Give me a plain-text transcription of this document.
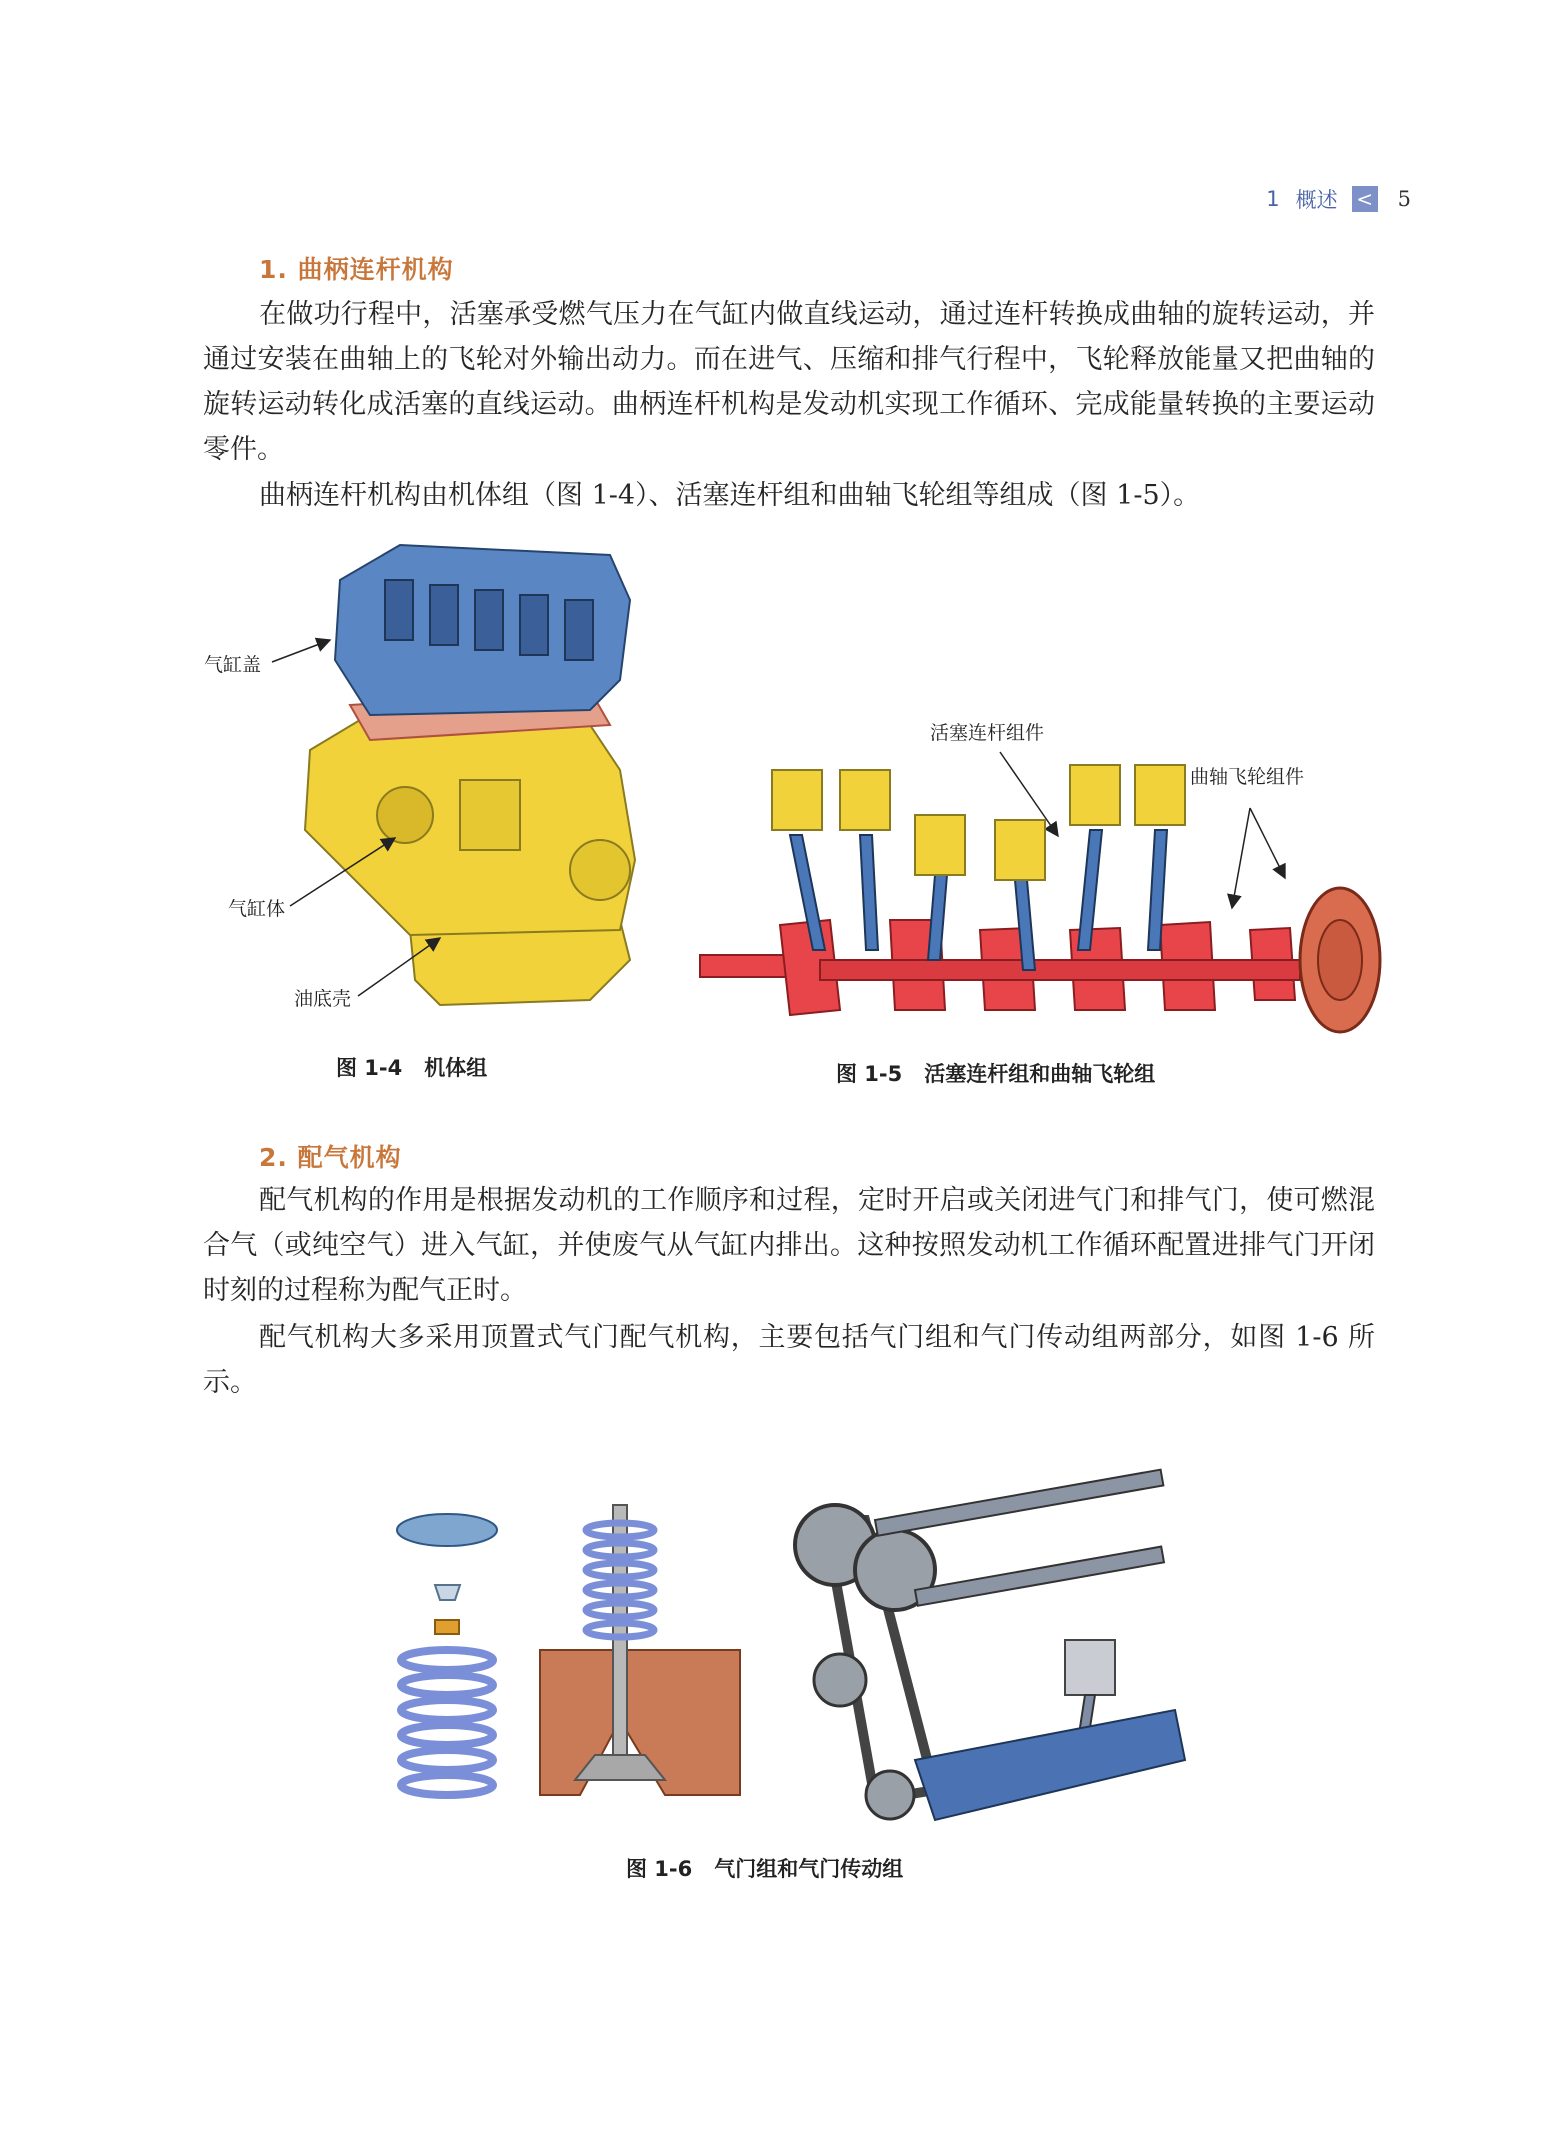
1 概述 < 5
1. 曲柄连杆机构
在做功行程中，活塞承受燃气压力在气缸内做直线运动，通过连杆转换成曲轴的旋转运动，并通过安装在曲轴上的飞轮对外输出动力。而在进气、压缩和排气行程中，飞轮释放能量又把曲轴的旋转运动转化成活塞的直线运动。曲柄连杆机构是发动机实现工作循环、完成能量转换的主要运动零件。
曲柄连杆机构由机体组（图 1-4）、活塞连杆组和曲轴飞轮组等组成（图 1-5）。
气缸盖
气缸体
油底壳
图 1-4 机体组
活塞连杆组件
曲轴飞轮组件
图 1-5 活塞连杆组和曲轴飞轮组
2. 配气机构
配气机构的作用是根据发动机的工作顺序和过程，定时开启或关闭进气门和排气门，使可燃混合气（或纯空气）进入气缸，并使废气从气缸内排出。这种按照发动机工作循环配置进排气门开闭时刻的过程称为配气正时。
配气机构大多采用顶置式气门配气机构，主要包括气门组和气门传动组两部分，如图 1-6 所示。
图 1-6 气门组和气门传动组
